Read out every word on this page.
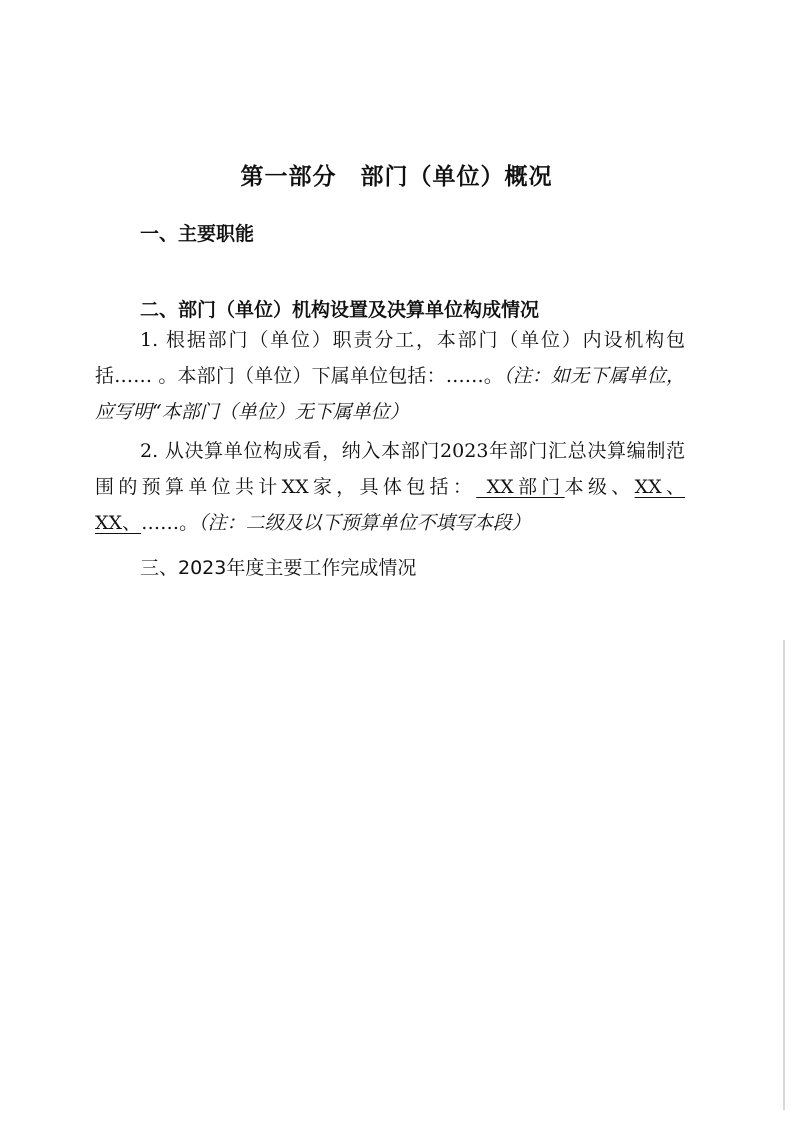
第一部分　部门（单位）概况
一、主要职能
二、部门（单位）机构设置及决算单位构成情况
1. 根据部门（单位）职责分工，本部门（单位）内设机构包括…… 。本部门（单位）下属单位包括：……。（注：如无下属单位，应写明“本部门（单位）无下属单位）
2. 从决算单位构成看，纳入本部门2023年部门汇总决算编制范围的预算单位共计XX家，具体包括： XX部门本级、XX、 XX、……。（注：二级及以下预算单位不填写本段）
三、2023年度主要工作完成情况
